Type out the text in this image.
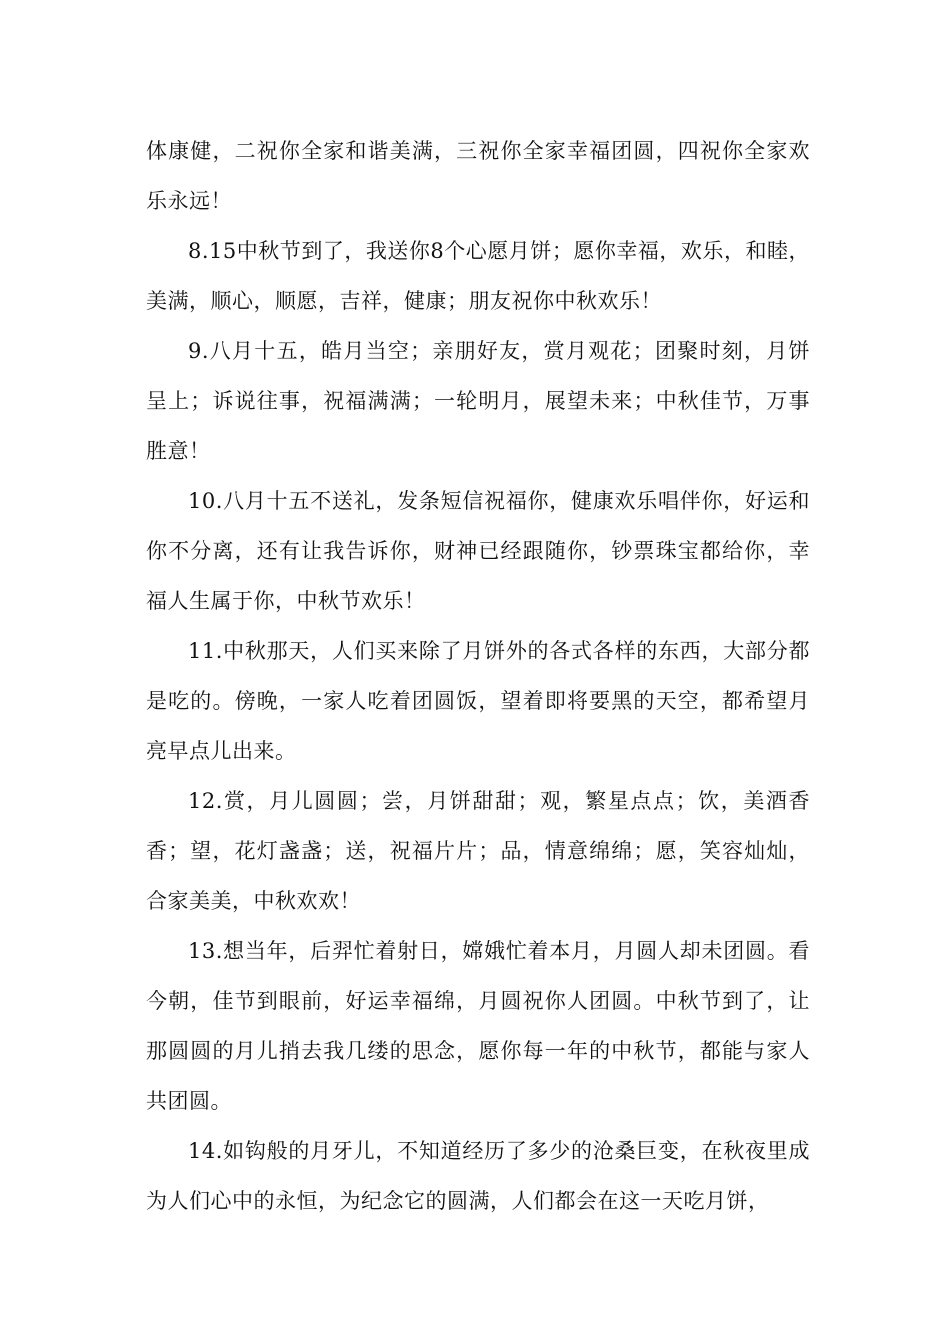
体康健，二祝你全家和谐美满，三祝你全家幸福团圆，四祝你全家欢乐永远！

8.15中秋节到了，我送你8个心愿月饼；愿你幸福，欢乐，和睦，美满，顺心，顺愿，吉祥，健康；朋友祝你中秋欢乐！

9.八月十五，皓月当空；亲朋好友，赏月观花；团聚时刻，月饼呈上；诉说往事，祝福满满；一轮明月，展望未来；中秋佳节，万事胜意！

10.八月十五不送礼，发条短信祝福你，健康欢乐唱伴你，好运和你不分离，还有让我告诉你，财神已经跟随你，钞票珠宝都给你，幸福人生属于你，中秋节欢乐！

11.中秋那天，人们买来除了月饼外的各式各样的东西，大部分都是吃的。傍晚，一家人吃着团圆饭，望着即将要黑的天空，都希望月亮早点儿出来。

12.赏，月儿圆圆；尝，月饼甜甜；观，繁星点点；饮，美酒香香；望，花灯盏盏；送，祝福片片；品，情意绵绵；愿，笑容灿灿，合家美美，中秋欢欢！

13.想当年，后羿忙着射日，嫦娥忙着本月，月圆人却未团圆。看今朝，佳节到眼前，好运幸福绵，月圆祝你人团圆。中秋节到了，让那圆圆的月儿捎去我几缕的思念，愿你每一年的中秋节，都能与家人共团圆。

14.如钩般的月牙儿，不知道经历了多少的沧桑巨变，在秋夜里成为人们心中的永恒，为纪念它的圆满，人们都会在这一天吃月饼，
